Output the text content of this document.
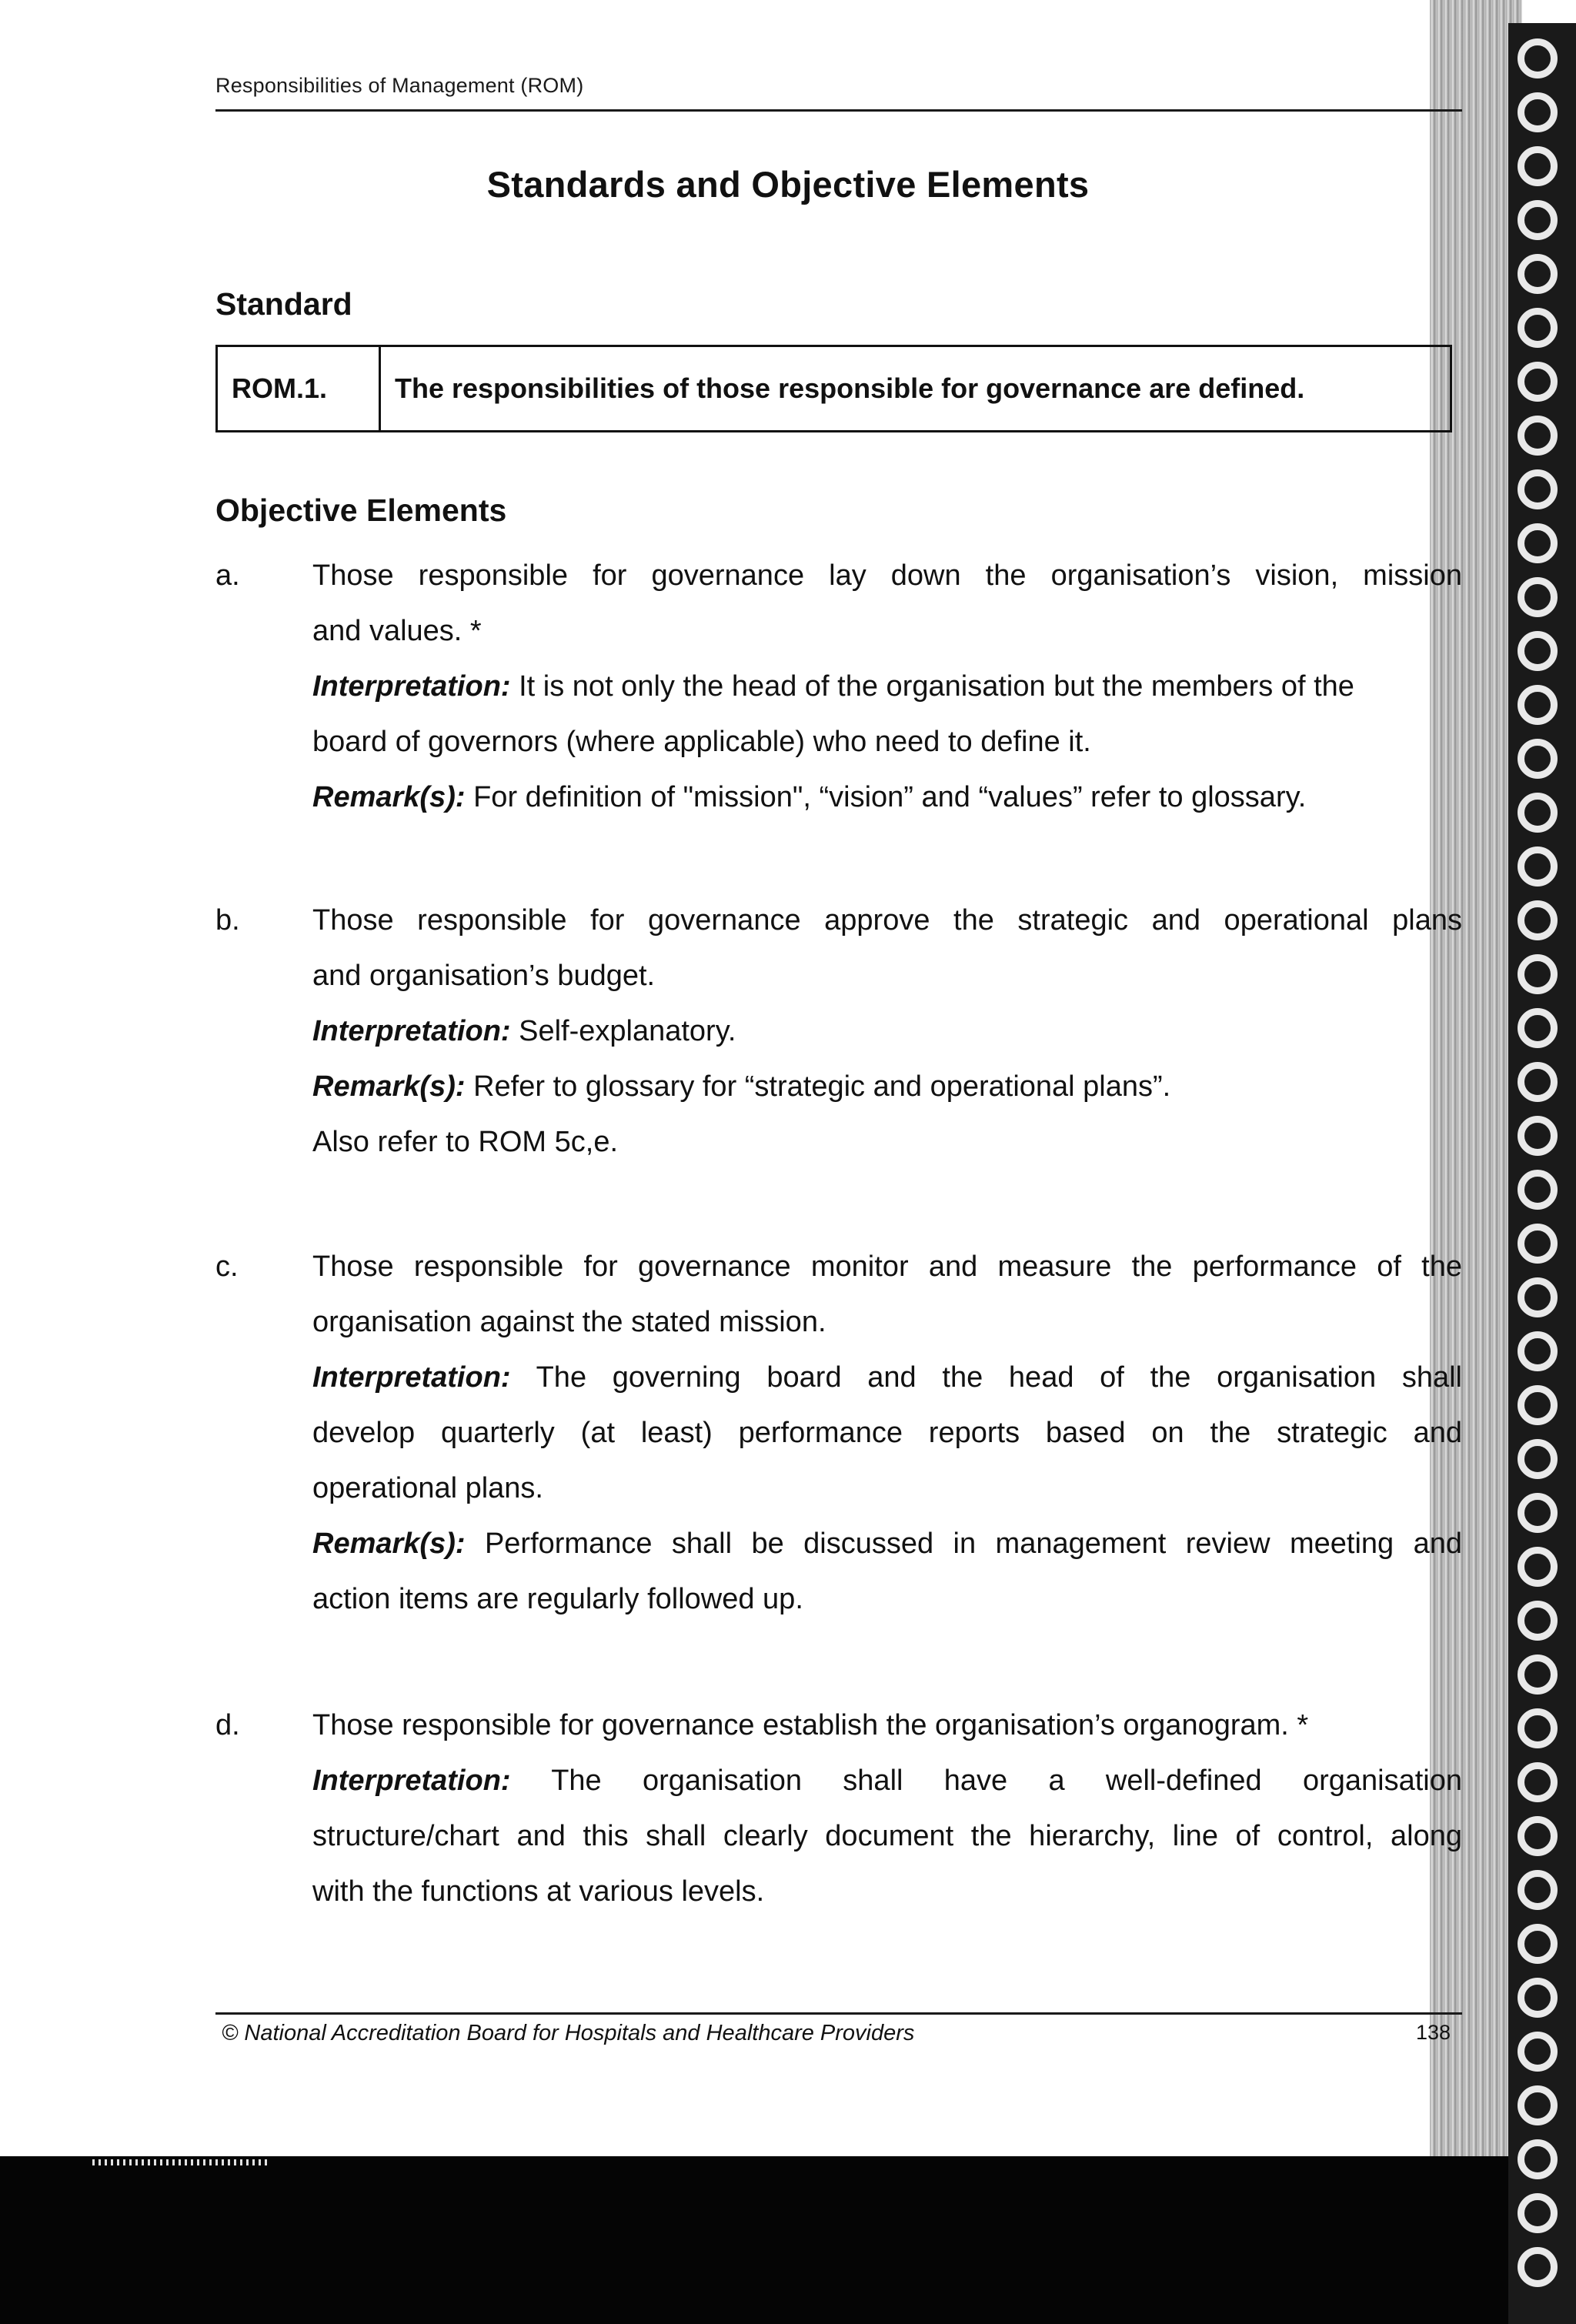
Responsibilities of Management (ROM)
Standards and Objective Elements
Standard
ROM.1.	The responsibilities of those responsible for governance are defined.
Objective Elements
a. Those responsible for governance lay down the organisation’s vision, mission
and values. *
Interpretation: It is not only the head of the organisation but the members of the
board of governors (where applicable) who need to define it.
Remark(s): For definition of "mission", “vision” and “values” refer to glossary.
b. Those responsible for governance approve the strategic and operational plans
and organisation’s budget.
Interpretation: Self-explanatory.
Remark(s): Refer to glossary for “strategic and operational plans”.
Also refer to ROM 5c,e.
c.	Those responsible for governance monitor and measure the performance of the
organisation against the stated mission.
Interpretation: The governing board and the head of the organisation shall
develop quarterly (at least) performance reports based on the strategic and
operational plans.
Remark(s): Performance shall be discussed in management review meeting and
action items are regularly followed up.
d. Those responsible for governance establish the organisation’s organogram. *
Interpretation: The organisation shall have a well-defined organisation
structure/chart and this shall clearly document the hierarchy, line of control, along
with the functions at various levels.
© National Accreditation Board for Hospitals and Healthcare Providers	138
